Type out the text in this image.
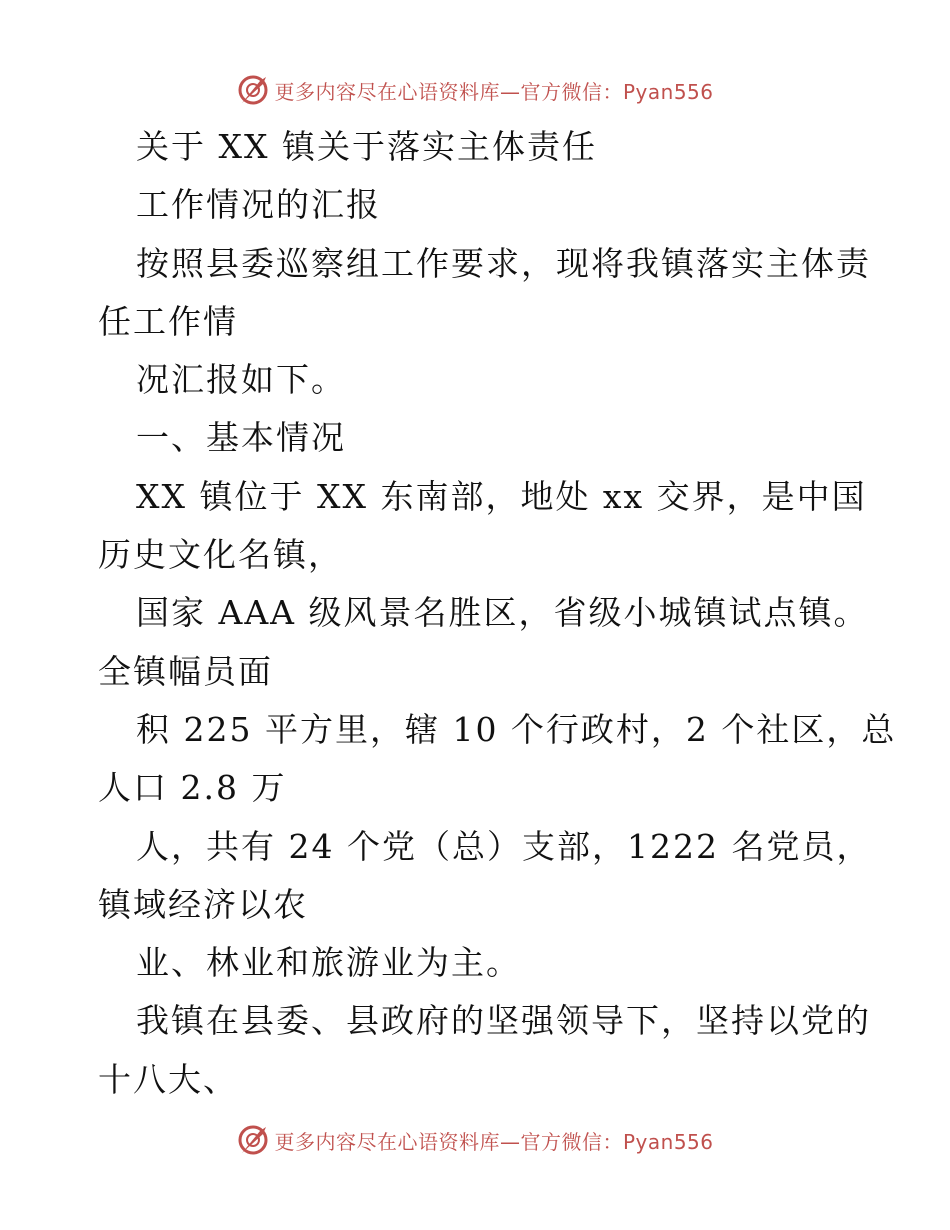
更多内容尽在心语资料库—官方微信：Pyan556
关于 XX 镇关于落实主体责任
工作情况的汇报
按照县委巡察组工作要求，现将我镇落实主体责
任工作情
况汇报如下。
一、基本情况
XX 镇位于 XX 东南部，地处 xx 交界，是中国
历史文化名镇，
国家 AAA 级风景名胜区，省级小城镇试点镇。
全镇幅员面
积 225 平方里，辖 10 个行政村，2 个社区，总
人口 2.8 万
人，共有 24 个党（总）支部，1222 名党员，
镇域经济以农
业、林业和旅游业为主。
我镇在县委、县政府的坚强领导下，坚持以党的
十八大、
更多内容尽在心语资料库—官方微信：Pyan556
